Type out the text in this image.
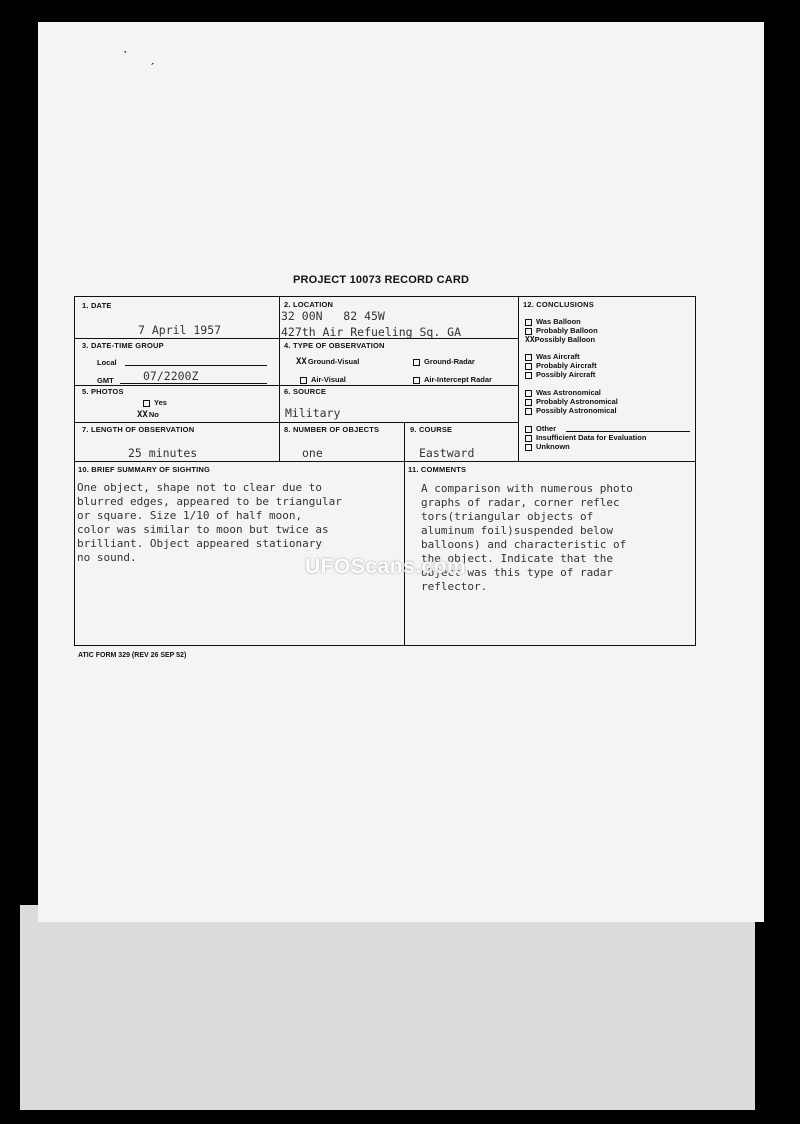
ˋ
ˊ
PROJECT 10073 RECORD CARD
1. DATE
7 April 1957
2. LOCATION
32 00N   82 45W
427th Air Refueling Sq. GA
3. DATE-TIME GROUP
Local
GMT	07/2200Z
4. TYPE OF OBSERVATION
XXGround-Visual	Ground-Radar
Air-Visual	Air-Intercept Radar
5. PHOTOS
Yes
XXNo
6. SOURCE
Military
7. LENGTH OF OBSERVATION
25 minutes
8. NUMBER OF OBJECTS
one
9. COURSE
Eastward
10. BRIEF SUMMARY OF SIGHTING
One object, shape not to clear due to
blurred edges, appeared to be triangular
or square. Size 1/10 of half moon,
color was similar to moon but twice as
brilliant. Object appeared stationary
no sound.
11. COMMENTS
A comparison with numerous photo
graphs of radar, corner reflec
tors(triangular objects of
aluminum foil)suspended below
balloons) and characteristic of
the object. Indicate that the
object was this type of radar
reflector.
12. CONCLUSIONS
Was Balloon
Probably Balloon
XXPossibly Balloon
Was Aircraft
Probably Aircraft
Possibly Aircraft
Was Astronomical
Probably Astronomical
Possibly Astronomical
Other
Insufficient Data for Evaluation
Unknown
ATIC FORM 329 (REV 26 SEP 52)
UFOScans.com
